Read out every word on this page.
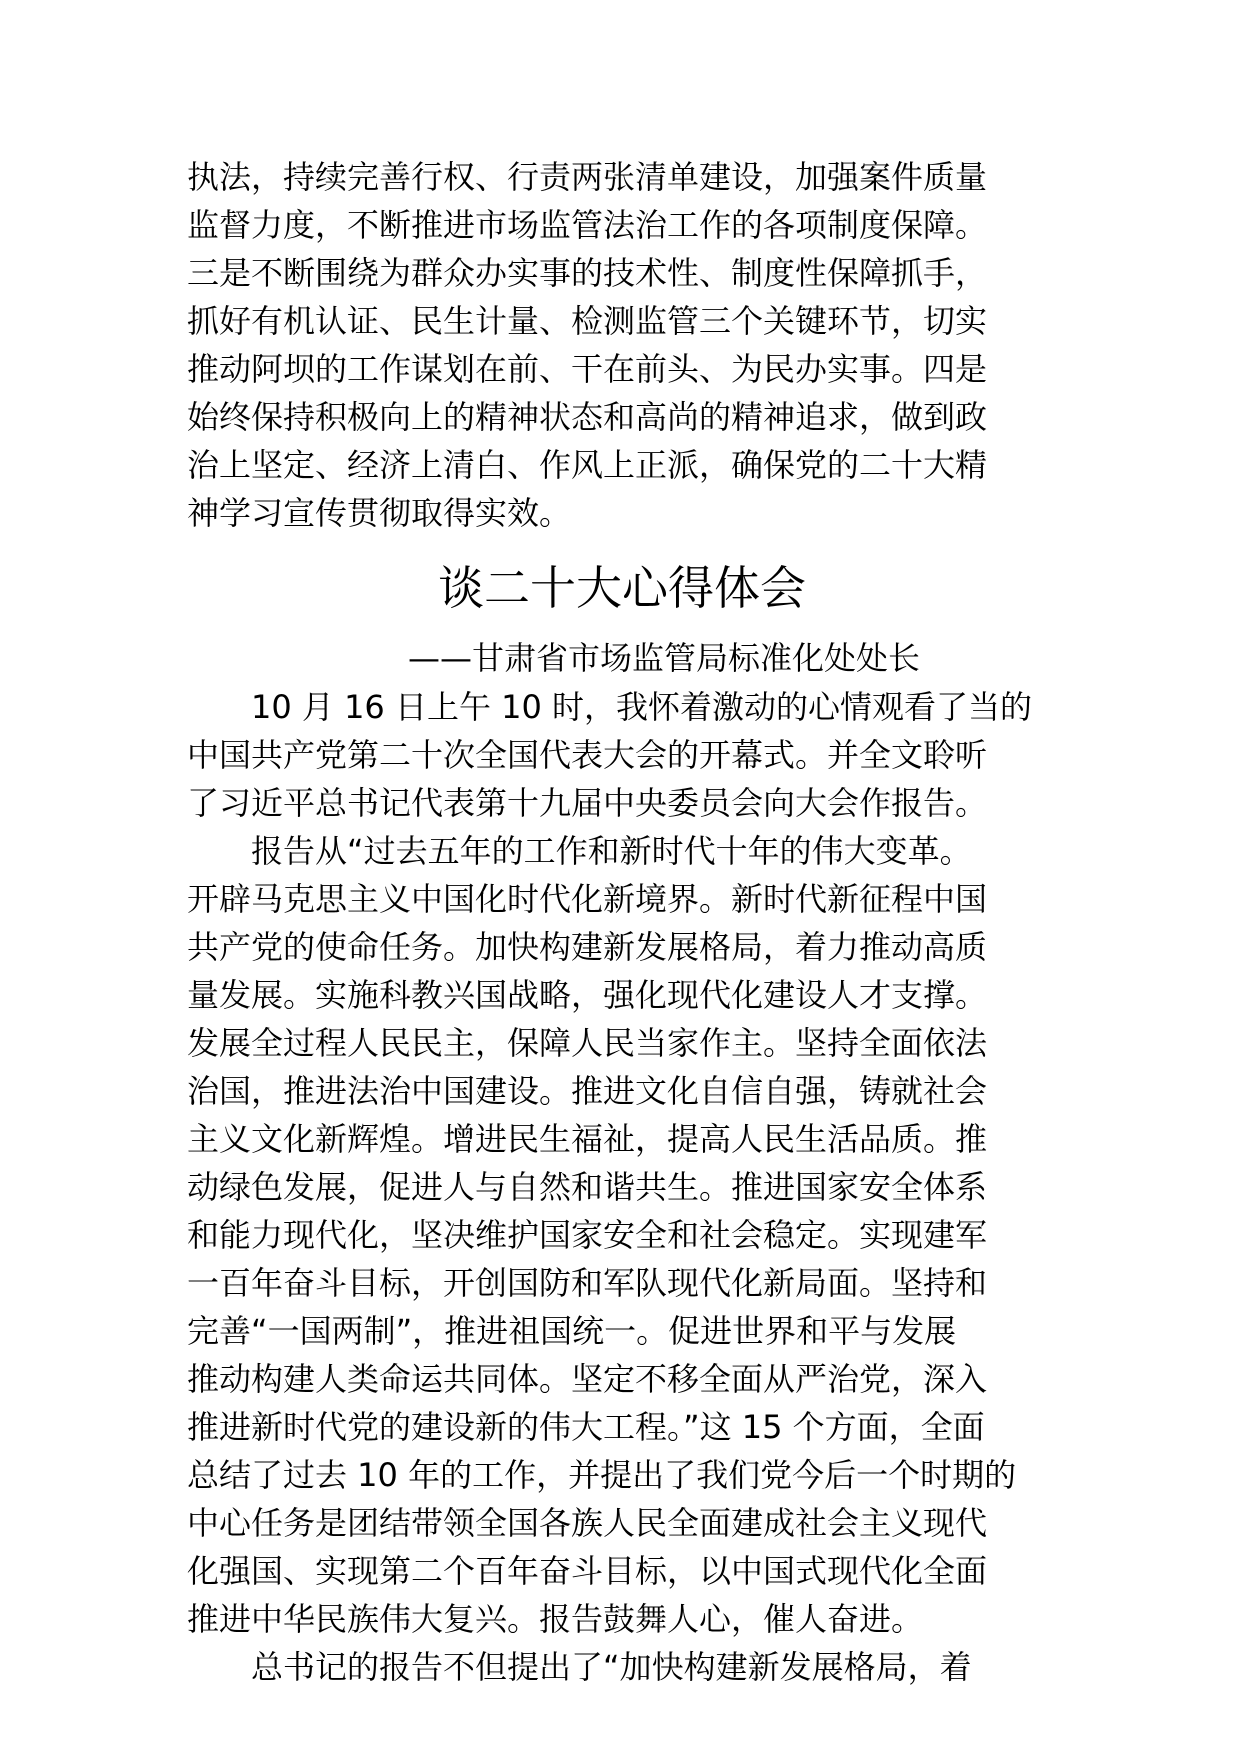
执法，持续完善行权、行责两张清单建设，加强案件质量
监督力度，不断推进市场监管法治工作的各项制度保障。
三是不断围绕为群众办实事的技术性、制度性保障抓手，
抓好有机认证、民生计量、检测监管三个关键环节，切实
推动阿坝的工作谋划在前、干在前头、为民办实事。四是
始终保持积极向上的精神状态和高尚的精神追求，做到政
治上坚定、经济上清白、作风上正派，确保党的二十大精
神学习宣传贯彻取得实效。
谈二十大心得体会
——甘肃省市场监管局标准化处处长
10 月 16 日上午 10 时，我怀着激动的心情观看了当的
中国共产党第二十次全国代表大会的开幕式。并全文聆听
了习近平总书记代表第十九届中央委员会向大会作报告。
报告从“过去五年的工作和新时代十年的伟大变革。
开辟马克思主义中国化时代化新境界。新时代新征程中国
共产党的使命任务。加快构建新发展格局，着力推动高质
量发展。实施科教兴国战略，强化现代化建设人才支撑。
发展全过程人民民主，保障人民当家作主。坚持全面依法
治国，推进法治中国建设。推进文化自信自强，铸就社会
主义文化新辉煌。增进民生福祉，提高人民生活品质。推
动绿色发展，促进人与自然和谐共生。推进国家安全体系
和能力现代化，坚决维护国家安全和社会稳定。实现建军
一百年奋斗目标，开创国防和军队现代化新局面。坚持和
完善“一国两制”，推进祖国统一。促进世界和平与发展
推动构建人类命运共同体。坚定不移全面从严治党，深入
推进新时代党的建设新的伟大工程。”这 15 个方面，全面
总结了过去 10 年的工作，并提出了我们党今后一个时期的
中心任务是团结带领全国各族人民全面建成社会主义现代
化强国、实现第二个百年奋斗目标，以中国式现代化全面
推进中华民族伟大复兴。报告鼓舞人心，催人奋进。
总书记的报告不但提出了“加快构建新发展格局，着
